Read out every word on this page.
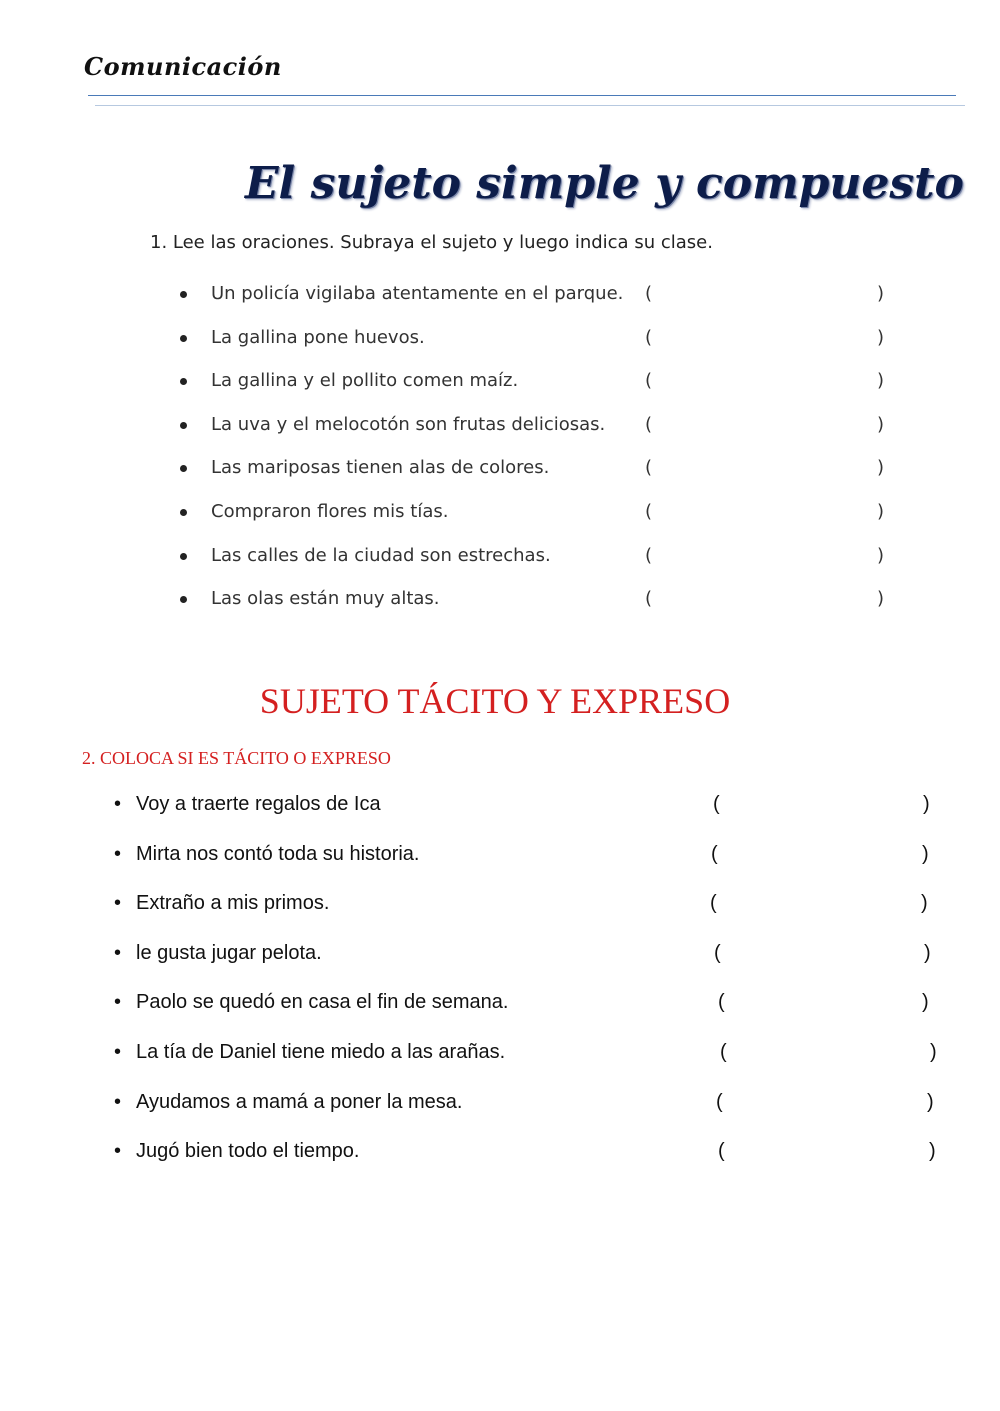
Comunicación
El sujeto simple y compuesto
1. Lee las oraciones. Subraya el sujeto y luego indica su clase.
Un policía vigilaba atentamente en el parque. (	)
La gallina pone huevos.	(	)
La gallina y el pollito comen maíz.	(	)
La uva y el melocotón son frutas deliciosas. (	)
Las mariposas tienen alas de colores.	(	)
Compraron flores mis tías.	(	)
Las calles de la ciudad son estrechas.	(	)
Las olas están muy altas.	(	)
SUJETO TÁCITO Y EXPRESO
2. COLOCA SI ES TÁCITO O EXPRESO
• Voy a traerte regalos de Ica	(	)
• Mirta nos contó toda su historia.	(	)
• Extraño a mis primos.	(	)
• le gusta jugar pelota.	(	)
• Paolo se quedó en casa el fin de semana.	(	)
• La tía de Daniel tiene miedo a las arañas.	(	)
• Ayudamos a mamá a poner la mesa.	(	)
• Jugó bien todo el tiempo.	(	)
